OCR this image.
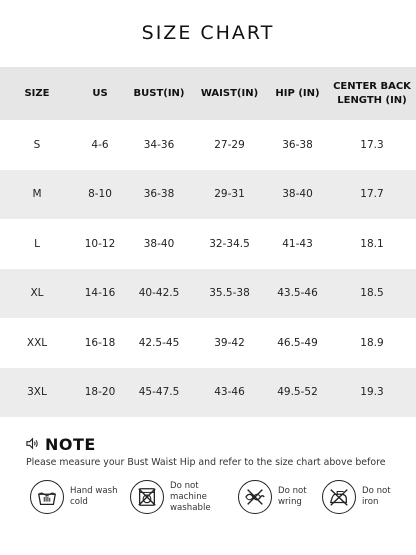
SIZE CHART
SIZE	US	BUST(IN)	WAIST(IN)	HIP (IN)	CENTER BACK
LENGTH (IN)
S	4-6	34-36	27-29	36-38	17.3
M	8-10	36-38	29-31	38-40	17.7
L	10-12	38-40	32-34.5	41-43	18.1
XL	14-16	40-42.5	35.5-38	43.5-46	18.5
XXL	16-18	42.5-45	39-42	46.5-49	18.9
3XL	18-20	45-47.5	43-46	49.5-52	19.3
NOTE
Please measure your Bust Waist Hip and refer to the size chart above before
Hand wash
cold
Do not machine
washable
Do not
wring
Do not
iron
